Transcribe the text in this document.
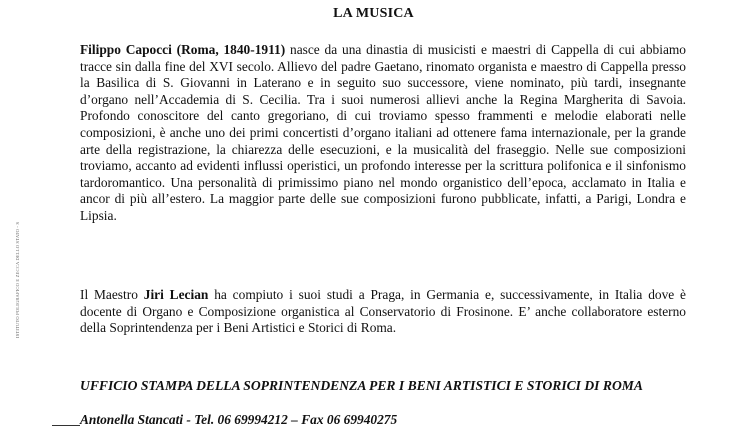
LA MUSICA

Filippo Capocci (Roma, 1840-1911) nasce da una dinastia di musicisti e maestri di Cappella di cui abbiamo tracce sin dalla fine del XVI secolo. Allievo del padre Gaetano, rinomato organista e maestro di Cappella presso la Basilica di S. Giovanni in Laterano e in seguito suo successore, viene nominato, più tardi, insegnante d’organo nell’Accademia di S. Cecilia. Tra i suoi numerosi allievi anche la Regina Margherita di Savoia. Profondo conoscitore del canto gregoriano, di cui troviamo spesso frammenti e melodie elaborati nelle composizioni, è anche uno dei primi concertisti d’organo italiani ad ottenere fama internazionale, per la grande arte della registrazione, la chiarezza delle esecuzioni, e la musicalità del fraseggio. Nelle sue composizioni troviamo, accanto ad evidenti influssi operistici, un profondo interesse per la scrittura polifonica e il sinfonismo tardoromantico. Una personalità di primissimo piano nel mondo organistico dell’epoca, acclamato in Italia e ancor di più all’estero. La maggior parte delle sue composizioni furono pubblicate, infatti, a Parigi, Londra e Lipsia.

ISTITUTO POLIGRAFICO E ZECCA DELLO STATO - S	Il Maestro Jiri Lecian ha compiuto i suoi studi a Praga, in Germania e, successivamente, in Italia dove è docente di Organo e Composizione organistica al Conservatorio di Frosinone. E’ anche collaboratore esterno della Soprintendenza per i Beni Artistici e Storici di Roma.

UFFICIO STAMPA DELLA SOPRINTENDENZA PER I BENI ARTISTICI E STORICI DI ROMA

Antonella Stancati - Tel. 06 69994212 – Fax 06 69940275
